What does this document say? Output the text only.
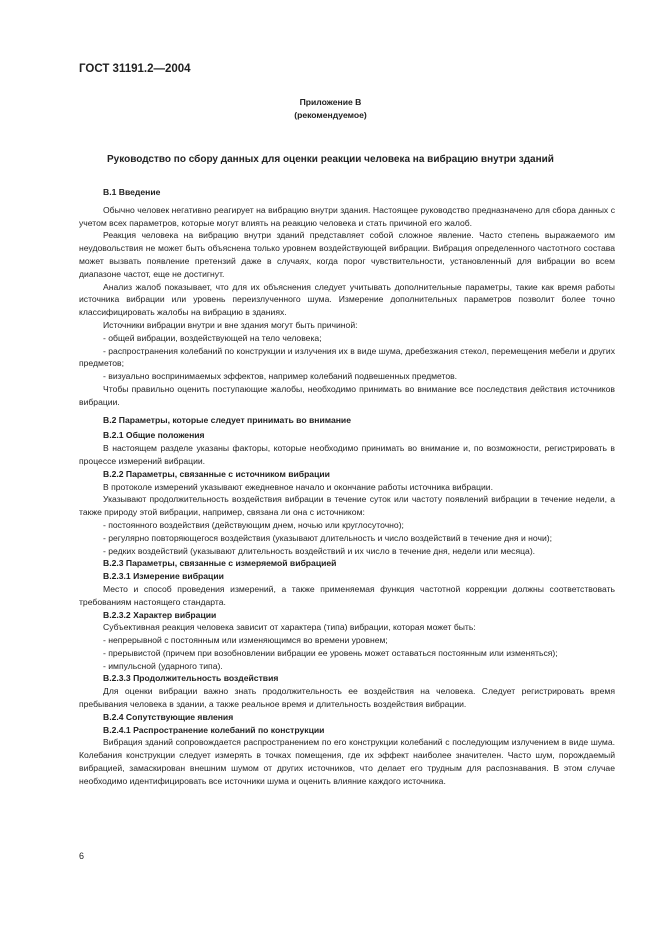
ГОСТ 31191.2—2004

Приложение В

(рекомендуемое)

Руководство по сбору данных для оценки реакции человека на вибрацию внутри зданий

В.1 Введение

Обычно человек негативно реагирует на вибрацию внутри здания. Настоящее руководство предназначено для сбора данных с учетом всех параметров, которые могут влиять на реакцию человека и стать причиной его жалоб.

Реакция человека на вибрацию внутри зданий представляет собой сложное явление. Часто степень выражаемого им неудовольствия не может быть объяснена только уровнем воздействующей вибрации. Вибрация определенного частотного состава может вызвать появление претензий даже в случаях, когда порог чувствительности, установленный для вибрации во всем диапазоне частот, еще не достигнут.

Анализ жалоб показывает, что для их объяснения следует учитывать дополнительные параметры, такие как время работы источника вибрации или уровень переизлученного шума. Измерение дополнительных параметров позволит более точно классифицировать жалобы на вибрацию в зданиях.

Источники вибрации внутри и вне здания могут быть причиной:

- общей вибрации, воздействующей на тело человека;

- распространения колебаний по конструкции и излучения их в виде шума, дребезжания стекол, перемещения мебели и других предметов;

- визуально воспринимаемых эффектов, например колебаний подвешенных предметов.

Чтобы правильно оценить поступающие жалобы, необходимо принимать во внимание все последствия действия источников вибрации.

В.2 Параметры, которые следует принимать во внимание

В.2.1 Общие положения

В настоящем разделе указаны факторы, которые необходимо принимать во внимание и, по возможности, регистрировать в процессе измерений вибрации.

В.2.2 Параметры, связанные с источником вибрации

В протоколе измерений указывают ежедневное начало и окончание работы источника вибрации.

Указывают продолжительность воздействия вибрации в течение суток или частоту появлений вибрации в течение недели, а также природу этой вибрации, например, связана ли она с источником:

- постоянного воздействия (действующим днем, ночью или круглосуточно);

- регулярно повторяющегося воздействия (указывают длительность и число воздействий в течение дня и ночи);

- редких воздействий (указывают длительность воздействий и их число в течение дня, недели или месяца).

В.2.3 Параметры, связанные с измеряемой вибрацией

В.2.3.1 Измерение вибрации

Место и способ проведения измерений, а также применяемая функция частотной коррекции должны соответствовать требованиям настоящего стандарта.

В.2.3.2 Характер вибрации

Субъективная реакция человека зависит от характера (типа) вибрации, которая может быть:

- непрерывной с постоянным или изменяющимся во времени уровнем;

- прерывистой (причем при возобновлении вибрации ее уровень может оставаться постоянным или изменяться);

- импульсной (ударного типа).

В.2.3.3 Продолжительность воздействия

Для оценки вибрации важно знать продолжительность ее воздействия на человека. Следует регистрировать время пребывания человека в здании, а также реальное время и длительность воздействия вибрации.

В.2.4 Сопутствующие явления

В.2.4.1 Распространение колебаний по конструкции

Вибрация зданий сопровождается распространением по его конструкции колебаний с последующим излучением в виде шума. Колебания конструкции следует измерять в точках помещения, где их эффект наиболее значителен. Часто шум, порождаемый вибрацией, замаскирован внешним шумом от других источников, что делает его трудным для распознавания. В этом случае необходимо идентифицировать все источники шума и оценить влияние каждого источника.

6
